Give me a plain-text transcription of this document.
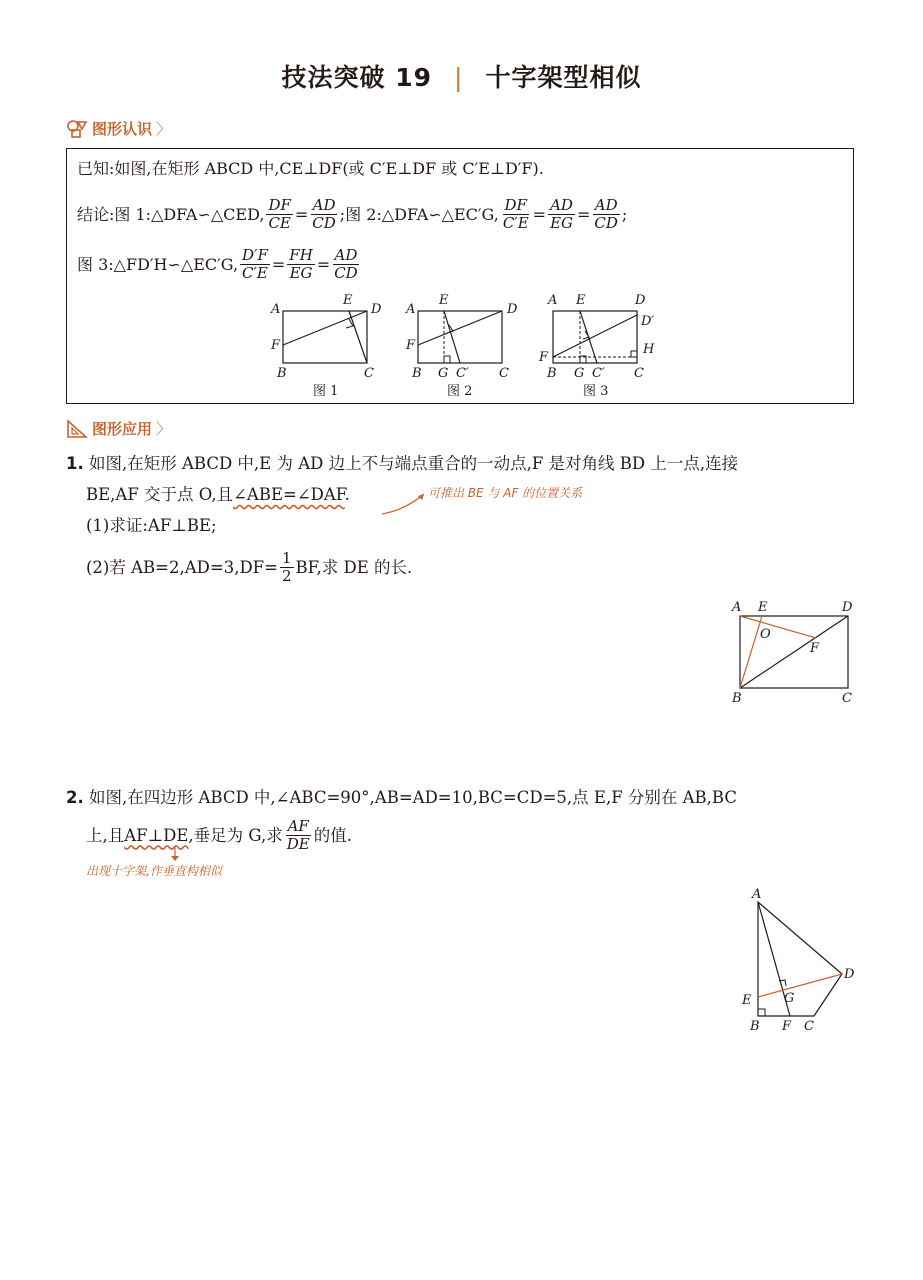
技法突破 19 | 十字架型相似
图形认识 〉
已知:如图,在矩形 ABCD 中,CE⊥DF(或 C′E⊥DF 或 C′E⊥D′F).
结论:图 1:△DFA∽△CED, $\frac{DF}{CE} = \frac{AD}{CD}$ ;图 2:△DFA∽△EC′G, $\frac{DF}{C'E} = \frac{AD}{EG} = \frac{AD}{CD}$ ;
图 3:△FD′H∽△EC′G, $\frac{D'F}{C'E} = \frac{FH}{EG} = \frac{AD}{CD}$
A
E
D
F
B	C
图 1
A
E
D
F
B G C′ C
图 2
A E	D
D′
H
F
B G C′ C
图 3
图形应用 〉
1. 如图,在矩形 ABCD 中,E 为 AD 边上不与端点重合的一动点,F 是对角线 BD 上一点,连接
BE,AF 交于点 O,且∠ABE=∠DAF.	可推出 BE 与 AF 的位置关系
(1)求证:AF⊥BE;
(2)若 $AB=2,AD=3,DF= \frac{1}{2}$ BF,求 DE 的长.
A E	D
O
F
B	C
2. 如图,在四边形 ABCD 中,∠ABC=90°,AB=AD=10,BC=CD=5,点 E,F 分别在 AB,BC
上,且 AF⊥DE ,垂足为 G,求 $\frac{AF}{DE}$ 的值.
出现十字架,作垂直构相似
A
D
G
E
B F C
